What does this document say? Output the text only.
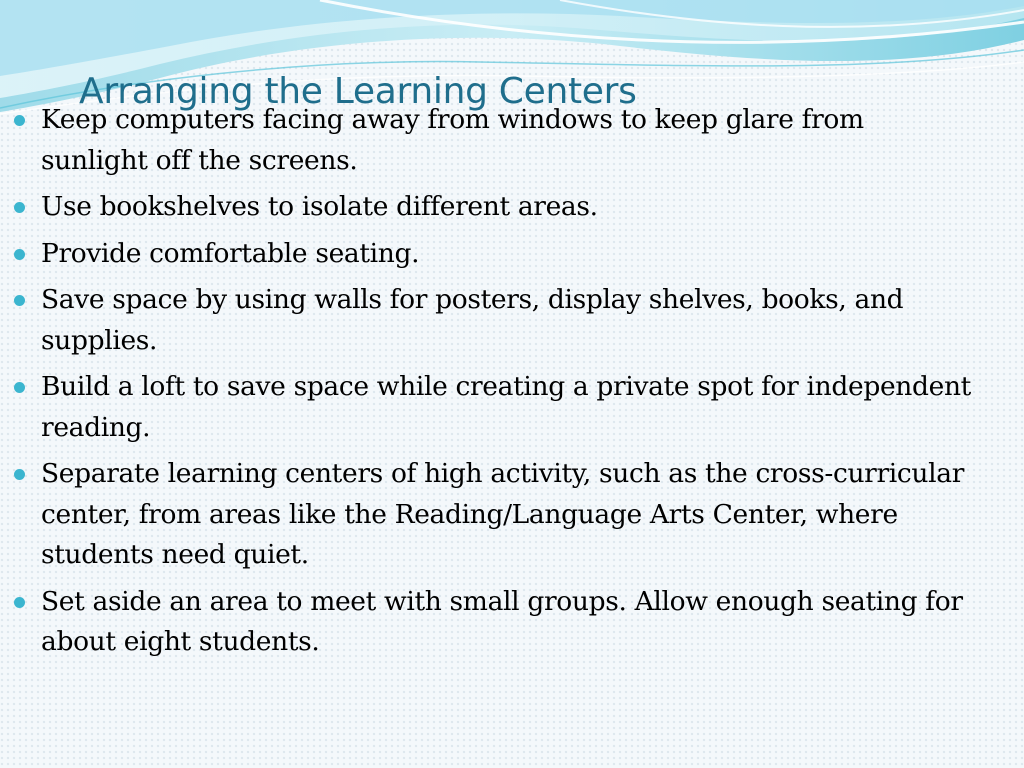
Arranging the Learning Centers
Keep computers facing away from windows to keep glare from sunlight off the screens.
Use bookshelves to isolate different areas.
Provide comfortable seating.
Save space by using walls for posters, display shelves, books, and supplies.
Build a loft to save space while creating a private spot for independent reading.
Separate learning centers of high activity, such as the cross-curricular center, from areas like the Reading/Language Arts Center, where students need quiet.
Set aside an area to meet with small groups. Allow enough seating for about eight students.
